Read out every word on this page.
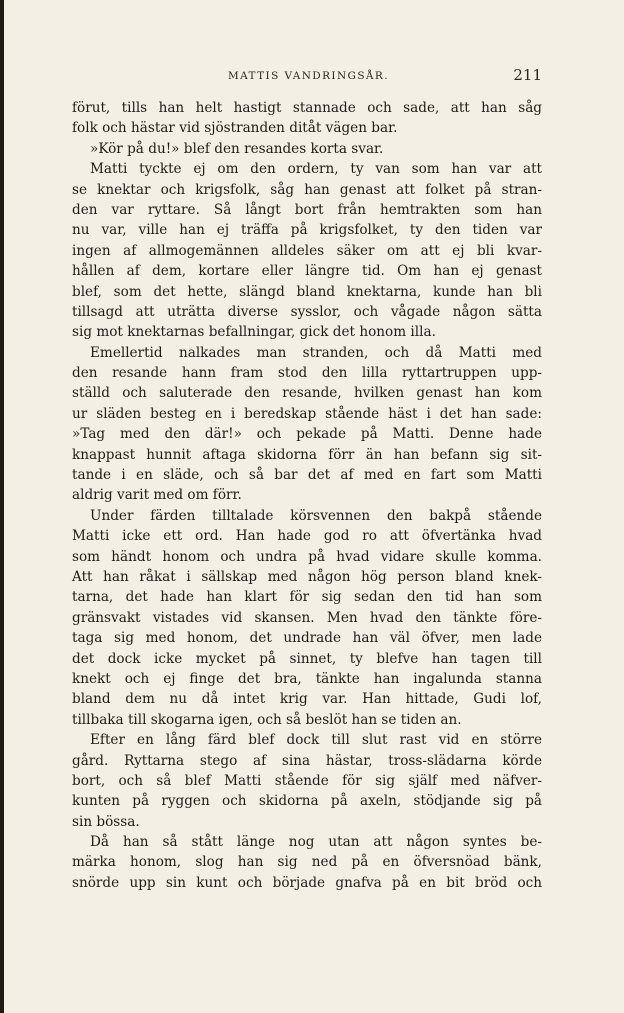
MATTIS VANDRINGSÅR.	211
förut, tills han helt hastigt stannade och sade, att han såg
folk och hästar vid sjöstranden ditåt vägen bar.
»Kör på du!» blef den resandes korta svar.
Matti tyckte ej om den ordern, ty van som han var att
se knektar och krigsfolk, såg han genast att folket på stran-
den var ryttare. Så långt bort från hemtrakten som han
nu var, ville han ej träffa på krigsfolket, ty den tiden var
ingen af allmogemännen alldeles säker om att ej bli kvar-
hållen af dem, kortare eller längre tid. Om han ej genast
blef, som det hette, slängd bland knektarna, kunde han bli
tillsagd att uträtta diverse sysslor, och vågade någon sätta
sig mot knektarnas befallningar, gick det honom illa.
Emellertid nalkades man stranden, och då Matti med
den resande hann fram stod den lilla ryttartruppen upp-
ställd och saluterade den resande, hvilken genast han kom
ur släden besteg en i beredskap stående häst i det han sade:
»Tag med den där!» och pekade på Matti. Denne hade
knappast hunnit aftaga skidorna förr än han befann sig sit-
tande i en släde, och så bar det af med en fart som Matti
aldrig varit med om förr.
Under färden tilltalade körsvennen den bakpå stående
Matti icke ett ord. Han hade god ro att öfvertänka hvad
som händt honom och undra på hvad vidare skulle komma.
Att han råkat i sällskap med någon hög person bland knek-
tarna, det hade han klart för sig sedan den tid han som
gränsvakt vistades vid skansen. Men hvad den tänkte före-
taga sig med honom, det undrade han väl öfver, men lade
det dock icke mycket på sinnet, ty blefve han tagen till
knekt och ej finge det bra, tänkte han ingalunda stanna
bland dem nu då intet krig var. Han hittade, Gudi lof,
tillbaka till skogarna igen, och så beslöt han se tiden an.
Efter en lång färd blef dock till slut rast vid en större
gård. Ryttarna stego af sina hästar, tross-slädarna körde
bort, och så blef Matti stående för sig själf med näfver-
kunten på ryggen och skidorna på axeln, stödjande sig på
sin bössa.
Då han så stått länge nog utan att någon syntes be-
märka honom, slog han sig ned på en öfversnöad bänk,
snörde upp sin kunt och började gnafva på en bit bröd och
